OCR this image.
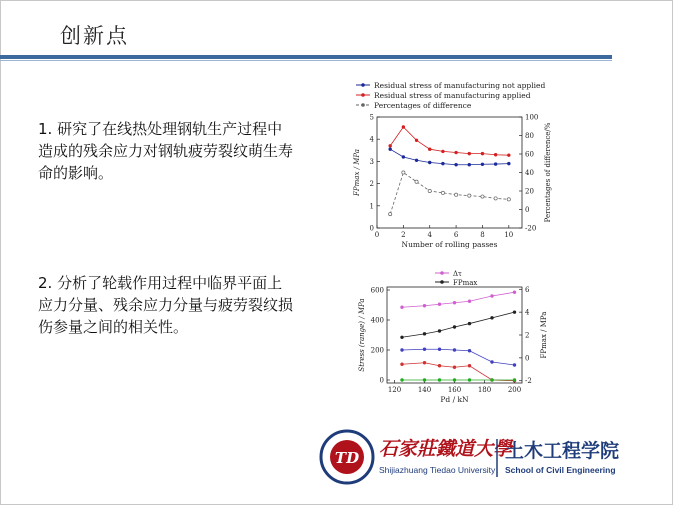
创新点
1. 研究了在线热处理钢轨生产过程中造成的残余应力对钢轨疲劳裂纹萌生寿命的影响。
2. 分析了轮载作用过程中临界平面上应力分量、残余应力分量与疲劳裂纹损伤参量之间的相关性。
Residual stress of manufacturing not applied
Residual stress of manufacturing applied
Percentages of difference
0	2	4	6	8	10
0
1
2
3
4
5
-20
0
20
40
60
80
100
Number of rolling passes
FPmax / MPa	Percentages of difference/%
Δτ
FPmax
120 140 160 180 200
0
200
400
600
-2
0
2
4
6
Pd / kN
Stress (range) / MPa	FPmax / MPa
TD 石家莊鐵道大學
Shijiazhuang Tiedao University
土木工程学院
School of Civil Engineering
